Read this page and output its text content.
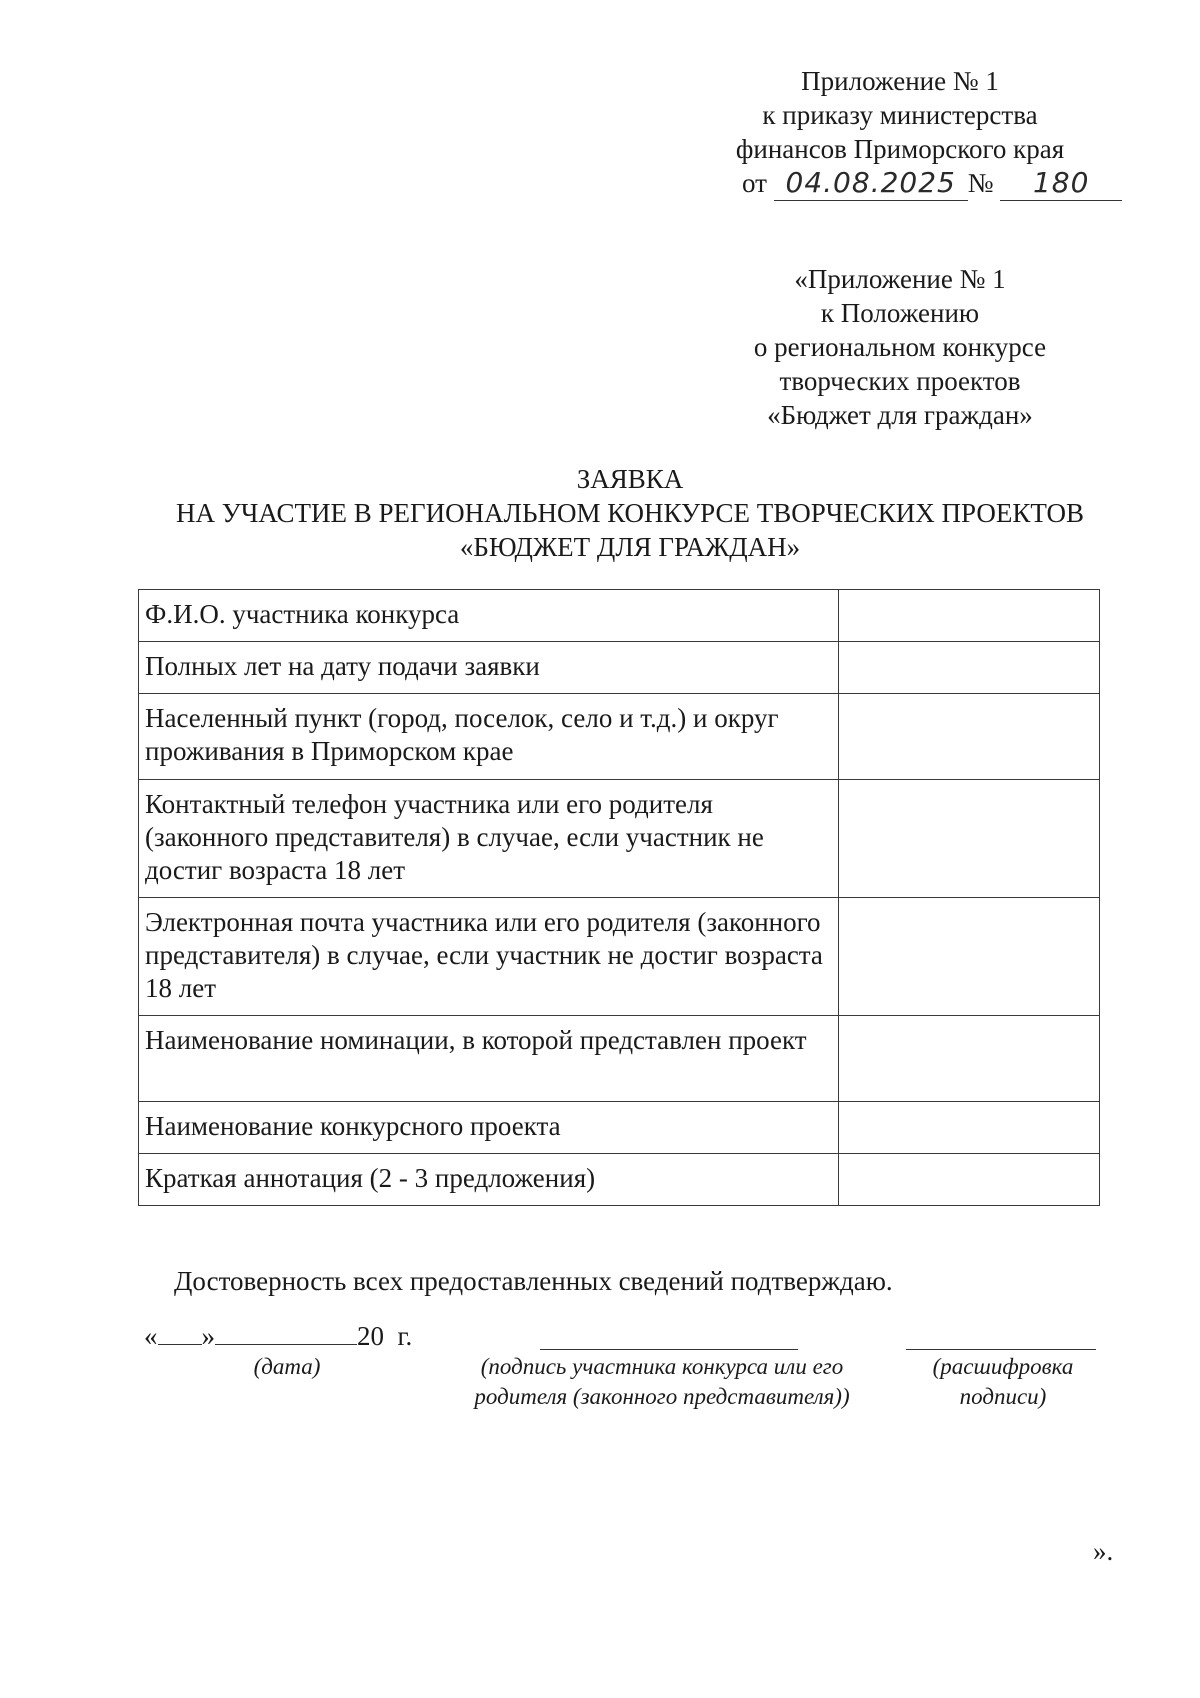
Приложение № 1
к приказу министерства
финансов Приморского края
от 04.08.2025 № 180
«Приложение № 1
к Положению
о региональном конкурсе
творческих проектов
«Бюджет для граждан»
ЗАЯВКА
НА УЧАСТИЕ В РЕГИОНАЛЬНОМ КОНКУРСЕ ТВОРЧЕСКИХ ПРОЕКТОВ
«БЮДЖЕТ ДЛЯ ГРАЖДАН»
Ф.И.О. участника конкурса	
Полных лет на дату подачи заявки	
Населенный пункт (город, поселок, село и т.д.) и округ проживания в Приморском крае	
Контактный телефон участника или его родителя (законного представителя) в случае, если участник не достиг возраста 18 лет	
Электронная почта участника или его родителя (законного представителя) в случае, если участник не достиг возраста 18 лет	
Наименование номинации, в которой представлен проект	
Наименование конкурсного проекта	
Краткая аннотация (2 - 3 предложения)	
Достоверность всех предоставленных сведений подтверждаю.
« »	20 г.
(дата)	(подпись участника конкурса или его
родителя (законного представителя))
(расшифровка
подписи)
».
